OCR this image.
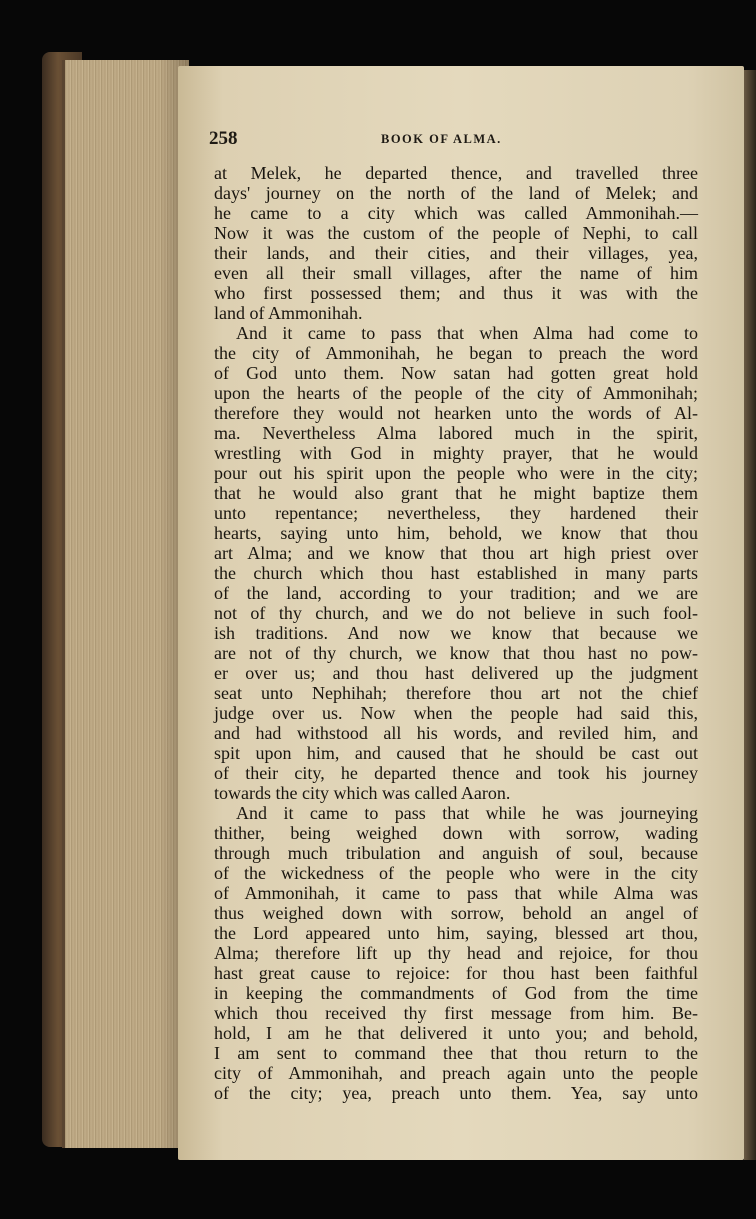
258	BOOK OF ALMA.
at Melek, he departed thence, and travelled three
days' journey on the north of the land of Melek; and
he came to a city which was called Ammonihah.—
Now it was the custom of the people of Nephi, to call
their lands, and their cities, and their villages, yea,
even all their small villages, after the name of him
who first possessed them; and thus it was with the
land of Ammonihah.
And it came to pass that when Alma had come to
the city of Ammonihah, he began to preach the word
of God unto them. Now satan had gotten great hold
upon the hearts of the people of the city of Ammonihah;
therefore they would not hearken unto the words of Al-
ma. Nevertheless Alma labored much in the spirit,
wrestling with God in mighty prayer, that he would
pour out his spirit upon the people who were in the city;
that he would also grant that he might baptize them
unto repentance; nevertheless, they hardened their
hearts, saying unto him, behold, we know that thou
art Alma; and we know that thou art high priest over
the church which thou hast established in many parts
of the land, according to your tradition; and we are
not of thy church, and we do not believe in such fool-
ish traditions. And now we know that because we
are not of thy church, we know that thou hast no pow-
er over us; and thou hast delivered up the judgment
seat unto Nephihah; therefore thou art not the chief
judge over us. Now when the people had said this,
and had withstood all his words, and reviled him, and
spit upon him, and caused that he should be cast out
of their city, he departed thence and took his journey
towards the city which was called Aaron.
And it came to pass that while he was journeying
thither, being weighed down with sorrow, wading
through much tribulation and anguish of soul, because
of the wickedness of the people who were in the city
of Ammonihah, it came to pass that while Alma was
thus weighed down with sorrow, behold an angel of
the Lord appeared unto him, saying, blessed art thou,
Alma; therefore lift up thy head and rejoice, for thou
hast great cause to rejoice: for thou hast been faithful
in keeping the commandments of God from the time
which thou received thy first message from him. Be-
hold, I am he that delivered it unto you; and behold,
I am sent to command thee that thou return to the
city of Ammonihah, and preach again unto the people
of the city; yea, preach unto them. Yea, say unto
